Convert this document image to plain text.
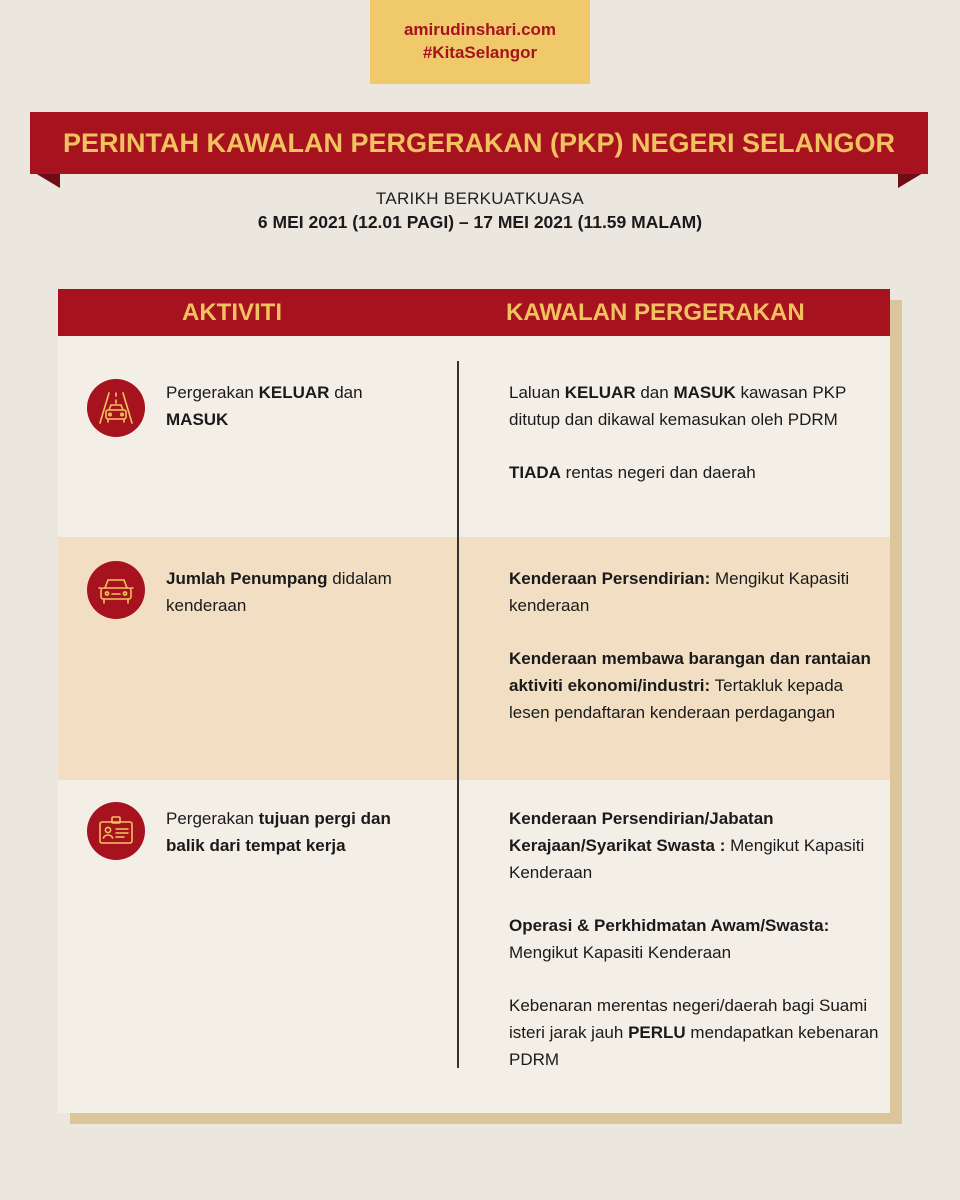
amirudinshari.com
#KitaSelangor
PERINTAH KAWALAN PERGERAKAN (PKP) NEGERI SELANGOR
TARIKH BERKUATKUASA
6 MEI 2021 (12.01 PAGI) – 17 MEI 2021 (11.59 MALAM)
AKTIVITI	KAWALAN PERGERAKAN
Pergerakan KELUAR dan MASUK
Laluan KELUAR dan MASUK kawasan PKP ditutup dan dikawal kemasukan oleh PDRM
TIADA rentas negeri dan daerah
Jumlah Penumpang didalam kenderaan
Kenderaan Persendirian: Mengikut Kapasiti kenderaan
Kenderaan membawa barangan dan rantaian aktiviti ekonomi/industri: Tertakluk kepada lesen pendaftaran kenderaan perdagangan
Pergerakan tujuan pergi dan balik dari tempat kerja
Kenderaan Persendirian/Jabatan Kerajaan/Syarikat Swasta : Mengikut Kapasiti Kenderaan
Operasi & Perkhidmatan Awam/Swasta: Mengikut Kapasiti Kenderaan
Kebenaran merentas negeri/daerah bagi Suami isteri jarak jauh PERLU mendapatkan kebenaran PDRM
